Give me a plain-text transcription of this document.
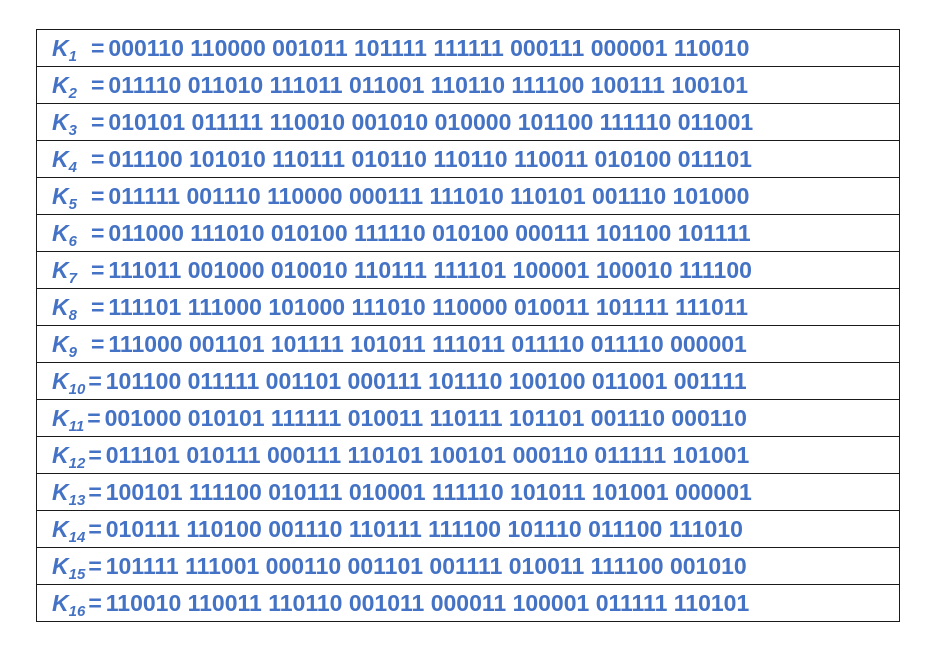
$K_1 = 000110$ 110000 001011 101111 111111 000111 000001 110010
$K_2 = 011110$ 011010 111011 011001 110110 111100 100111 100101
$K_3 = 010101$ 011111 110010 001010 010000 101100 111110 011001
$K_4 = 011100$ 101010 110111 010110 110110 110011 010100 011101
$K_5 = 011111$ 001110 110000 000111 111010 110101 001110 101000
$K_6 = 011000$ 111010 010100 111110 010100 000111 101100 101111
$K_7 = 111011$ 001000 010010 110111 111101 100001 100010 111100
$K_8 = 111101$ 111000 101000 111010 110000 010011 101111 111011
$K_9 = 111000$ 001101 101111 101011 111011 011110 011110 000001
$K_{10} = 101100$ 011111 001101 000111 101110 100100 011001 001111
$K_{11} = 001000$ 010101 111111 010011 110111 101101 001110 000110
$K_{12} = 011101$ 010111 000111 110101 100101 000110 011111 101001
$K_{13} = 100101$ 111100 010111 010001 111110 101011 101001 000001
$K_{14} = 010111$ 110100 001110 110111 111100 101110 011100 111010
$K_{15} = 101111$ 111001 000110 001101 001111 010011 111100 001010
$K_{16} = 110010$ 110011 110110 001011 000011 100001 011111 110101
